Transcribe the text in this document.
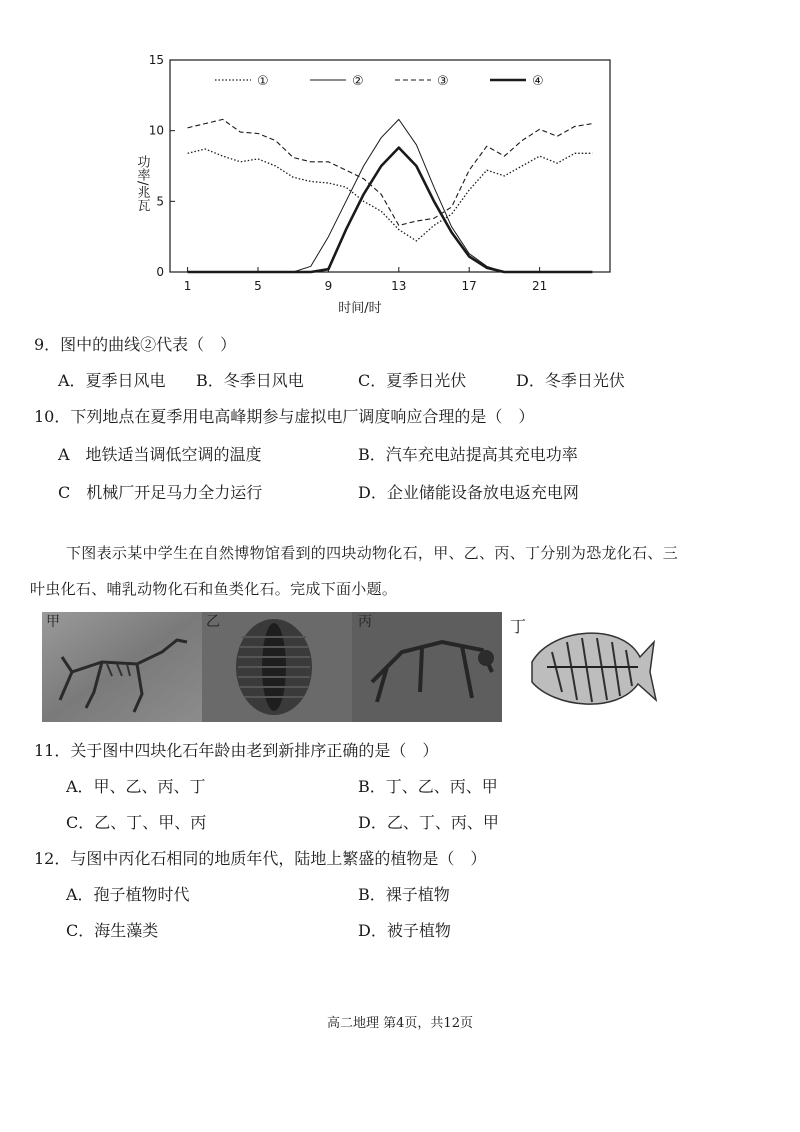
0
5
10
15
1	5	9	13	17	21
①	②	③	④
功率/兆瓦
时间/时
9．图中的曲线②代表（　）
A．夏季日风电 B．冬季日风电	C．夏季日光伏	D．冬季日光伏
10．下列地点在夏季用电高峰期参与虚拟电厂调度响应合理的是（　）
A　地铁适当调低空调的温度	B．汽车充电站提高其充电功率
C　机械厂开足马力全力运行	D．企业储能设备放电返充电网
下图表示某中学生在自然博物馆看到的四块动物化石，甲、乙、丙、丁分别为恐龙化石、三
叶虫化石、哺乳动物化石和鱼类化石。完成下面小题。
甲	乙	丙	丁
11．关于图中四块化石年龄由老到新排序正确的是（　）
A．甲、乙、丙、丁	B．丁、乙、丙、甲
C．乙、丁、甲、丙	D．乙、丁、丙、甲
12．与图中丙化石相同的地质年代，陆地上繁盛的植物是（　）
A．孢子植物时代	B．裸子植物
C．海生藻类	D．被子植物
高二地理 第4页，共12页
